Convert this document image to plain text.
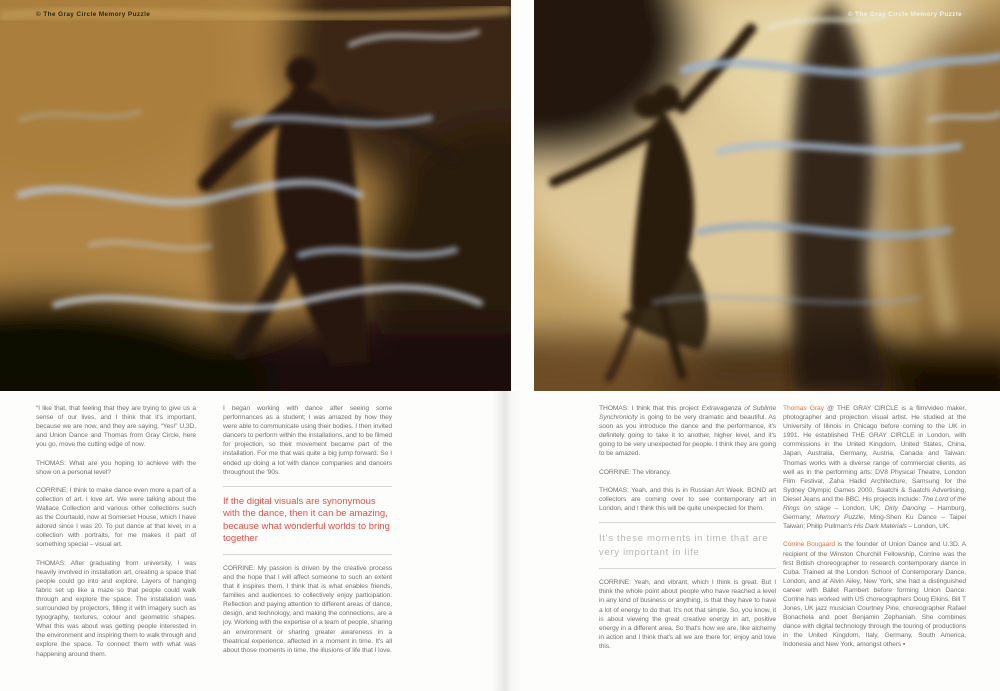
© The Gray Circle Memory Puzzle	© The Gray Circle Memory Puzzle

“I like that, that feeling that they are trying to give us a sense of our lives, and I think that it's important, because we are now, and they are saying, “Yes!” U.3D, and Union Dance and Thomas from Gray Circle, here you go, move the cutting edge of now.

THOMAS: What are you hoping to achieve with the show on a personal level?

CORRINE: I think to make dance even more a part of a collection of art. I love art. We were talking about the Wallace Collection and various other collections such as the Courtauld, now at Somerset House, which I have adored since I was 20. To put dance at that level, in a collection with portraits, for me makes it part of something special – visual art.

THOMAS: After graduating from university, I was heavily involved in installation art, creating a space that people could go into and explore. Layers of hanging fabric set up like a maze so that people could walk through and explore the space. The installation was surrounded by projectors, filling it with imagery such as typography, textures, colour and geometric shapes. What this was about was getting people interested in the environment and inspiring them to walk through and explore the space. To connect them with what was happening around them.

I began working with dance after seeing some performances as a student; I was amazed by how they were able to communicate using their bodies. I then invited dancers to perform within the installations, and to be filmed for projection, so their movement became part of the installation. For me that was quite a big jump forward. So I ended up doing a lot with dance companies and dancers throughout the '90s.

If the digital visuals are synonymous with the dance, then it can be amazing, because what wonderful worlds to bring together

CORRINE: My passion is driven by the creative process and the hope that I will affect someone to such an extent that it inspires them. I think that is what enables friends, families and audiences to collectively enjoy participation. Reflection and paying attention to different areas of dance, design, and technology, and making the connections, are a joy. Working with the expertise of a team of people, sharing an environment or sharing greater awareness in a theatrical experience, affected in a moment in time. It's all about those moments in time, the illusions of life that I love.

THOMAS: I think that this project Extravaganza of Sublime Synchronicity is going to be very dramatic and beautiful. As soon as you introduce the dance and the performance, it's definitely going to take it to another, higher level, and it's going to be very unexpected for people. I think they are going to be amazed.

CORRINE: The vibrancy.

THOMAS: Yeah, and this is in Russian Art Week. BOND art collectors are coming over to see contemporary art in London, and I think this will be quite unexpected for them.

It's these moments in time that are very important in life

CORRINE: Yeah, and vibrant, which I think is great. But I think the whole point about people who have reached a level in any kind of business or anything, is that they have to have a lot of energy to do that. It's not that simple. So, you know, it is about viewing the great creative energy in art, positive energy in a different area. So that's how we are, like alchemy in action and I think that's all we are there for; enjoy and love this.

Thomas Gray @ THE GRAY CIRCLE is a film/video maker, photographer and projection visual artist. He studied at the University of Illinois in Chicago before coming to the UK in 1991. He established THE GRAY CIRCLE in London, with commissions in the United Kingdom, United States, China, Japan, Australia, Germany, Austria, Canada and Taiwan. Thomas works with a diverse range of commercial clients, as well as in the performing arts: DV8 Physical Theatre, London Film Festival, Zaha Hadid Architecture, Samsung for the Sydney Olympic Games 2000, Saatchi & Saatchi Advertising, Diesel Jeans and the BBC. His projects include: The Lord of the Rings on stage – London, UK; Dirty Dancing – Hamburg, Germany; Memory Puzzle, Ming-Shen Ku Dance – Taipei Taiwan; Philip Pullman's His Dark Materials – London, UK.

Corrine Bougaard is the founder of Union Dance and U.3D. A recipient of the Winston Churchill Fellowship, Corrine was the first British choreographer to research contemporary dance in Cuba. Trained at the London School of Contemporary Dance, London, and at Alvin Ailey, New York, she had a distinguished career with Ballet Rambert before forming Union Dance. Corrine has worked with US choreographers Doug Elkins, Bill T Jones, UK jazz musician Courtney Pine, choreographer Rafael Bonachela and poet Benjamin Zephaniah. She combines dance with digital technology through the touring of productions in the United Kingdom, Italy, Germany, South America, Indonesia and New York, amongst others ▪
